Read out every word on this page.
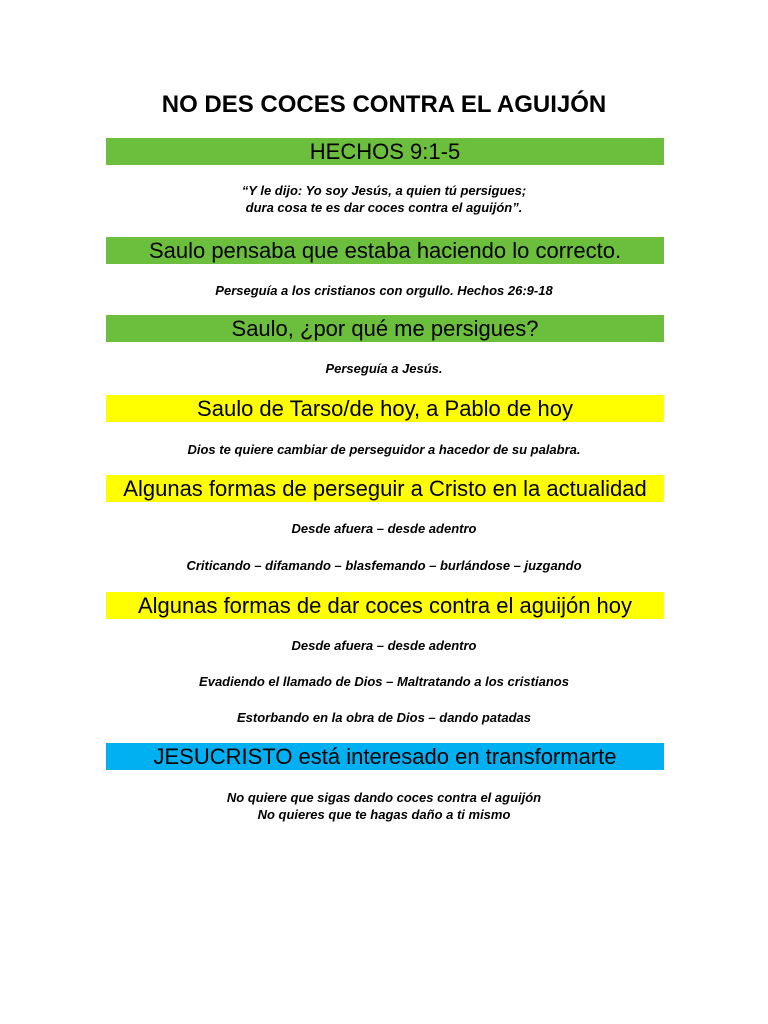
NO DES COCES CONTRA EL AGUIJÓN
HECHOS 9:1-5
“Y le dijo: Yo soy Jesús, a quien tú persigues;
dura cosa te es dar coces contra el aguijón”.
Saulo pensaba que estaba haciendo lo correcto.
Perseguía a los cristianos con orgullo. Hechos 26:9-18
Saulo, ¿por qué me persigues?
Perseguía a Jesús.
Saulo de Tarso/de hoy, a Pablo de hoy
Dios te quiere cambiar de perseguidor a hacedor de su palabra.
Algunas formas de perseguir a Cristo en la actualidad
Desde afuera – desde adentro
Criticando – difamando – blasfemando – burlándose – juzgando
Algunas formas de dar coces contra el aguijón hoy
Desde afuera – desde adentro
Evadiendo el llamado de Dios – Maltratando a los cristianos
Estorbando en la obra de Dios – dando patadas
JESUCRISTO está interesado en transformarte
No quiere que sigas dando coces contra el aguijón
No quieres que te hagas daño a ti mismo
